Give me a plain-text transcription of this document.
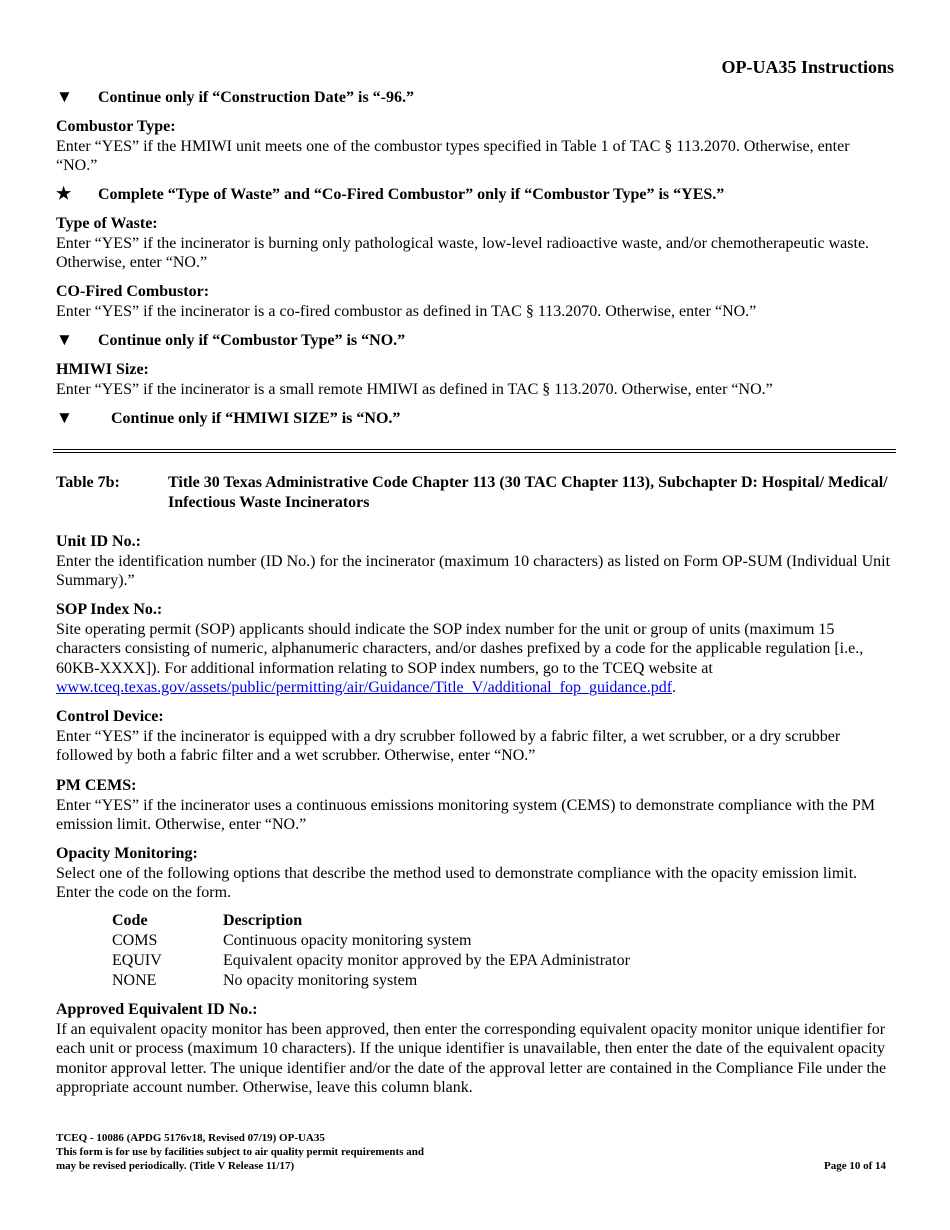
OP-UA35 Instructions
▼ Continue only if “Construction Date” is “-96.”
Combustor Type:
Enter “YES” if the HMIWI unit meets one of the combustor types specified in Table 1 of TAC § 113.2070. Otherwise, enter “NO.”
★ Complete “Type of Waste” and “Co-Fired Combustor” only if “Combustor Type” is “YES.”
Type of Waste:
Enter “YES” if the incinerator is burning only pathological waste, low-level radioactive waste, and/or chemotherapeutic waste. Otherwise, enter “NO.”
CO-Fired Combustor:
Enter “YES” if the incinerator is a co-fired combustor as defined in TAC § 113.2070. Otherwise, enter “NO.”
▼ Continue only if “Combustor Type” is “NO.”
HMIWI Size:
Enter “YES” if the incinerator is a small remote HMIWI as defined in TAC § 113.2070. Otherwise, enter “NO.”
▼ Continue only if “HMIWI SIZE” is “NO.”
Table 7b:	Title 30 Texas Administrative Code Chapter 113 (30 TAC Chapter 113), Subchapter D: Hospital/ Medical/ Infectious Waste Incinerators
Unit ID No.:
Enter the identification number (ID No.) for the incinerator (maximum 10 characters) as listed on Form OP-SUM (Individual Unit Summary).”
SOP Index No.:
Site operating permit (SOP) applicants should indicate the SOP index number for the unit or group of units (maximum 15 characters consisting of numeric, alphanumeric characters, and/or dashes prefixed by a code for the applicable regulation [i.e., 60KB-XXXX]). For additional information relating to SOP index numbers, go to the TCEQ website at www.tceq.texas.gov/assets/public/permitting/air/Guidance/Title_V/additional_fop_guidance.pdf.
Control Device:
Enter “YES” if the incinerator is equipped with a dry scrubber followed by a fabric filter, a wet scrubber, or a dry scrubber followed by both a fabric filter and a wet scrubber. Otherwise, enter “NO.”
PM CEMS:
Enter “YES” if the incinerator uses a continuous emissions monitoring system (CEMS) to demonstrate compliance with the PM emission limit. Otherwise, enter “NO.”
Opacity Monitoring:
Select one of the following options that describe the method used to demonstrate compliance with the opacity emission limit. Enter the code on the form.
Code	Description
COMS	Continuous opacity monitoring system
EQUIV	Equivalent opacity monitor approved by the EPA Administrator
NONE	No opacity monitoring system
Approved Equivalent ID No.:
If an equivalent opacity monitor has been approved, then enter the corresponding equivalent opacity monitor unique identifier for each unit or process (maximum 10 characters). If the unique identifier is unavailable, then enter the date of the equivalent opacity monitor approval letter. The unique identifier and/or the date of the approval letter are contained in the Compliance File under the appropriate account number. Otherwise, leave this column blank.
TCEQ - 10086 (APDG 5176v18, Revised 07/19) OP-UA35
This form is for use by facilities subject to air quality permit requirements and
may be revised periodically. (Title V Release 11/17)	Page 10 of 14
